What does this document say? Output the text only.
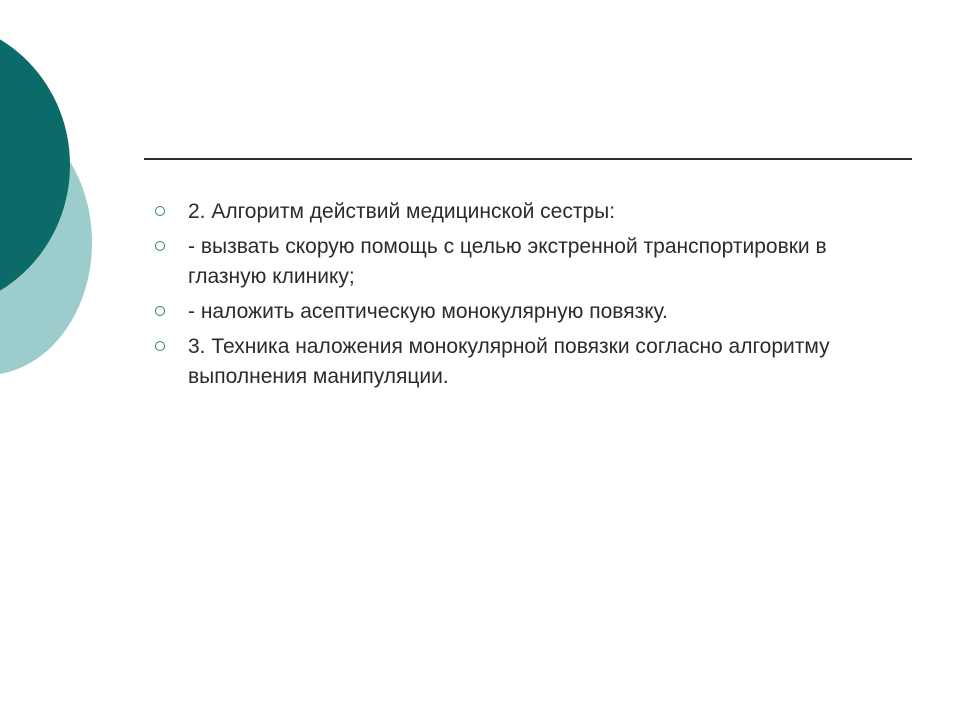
2. Алгоритм действий медицинской сестры:
- вызвать скорую помощь с целью экстренной транспортировки в глазную клинику;
- наложить асептическую монокулярную повязку.
3. Техника наложения монокулярной повязки согласно алгоритму выполнения манипуляции.
